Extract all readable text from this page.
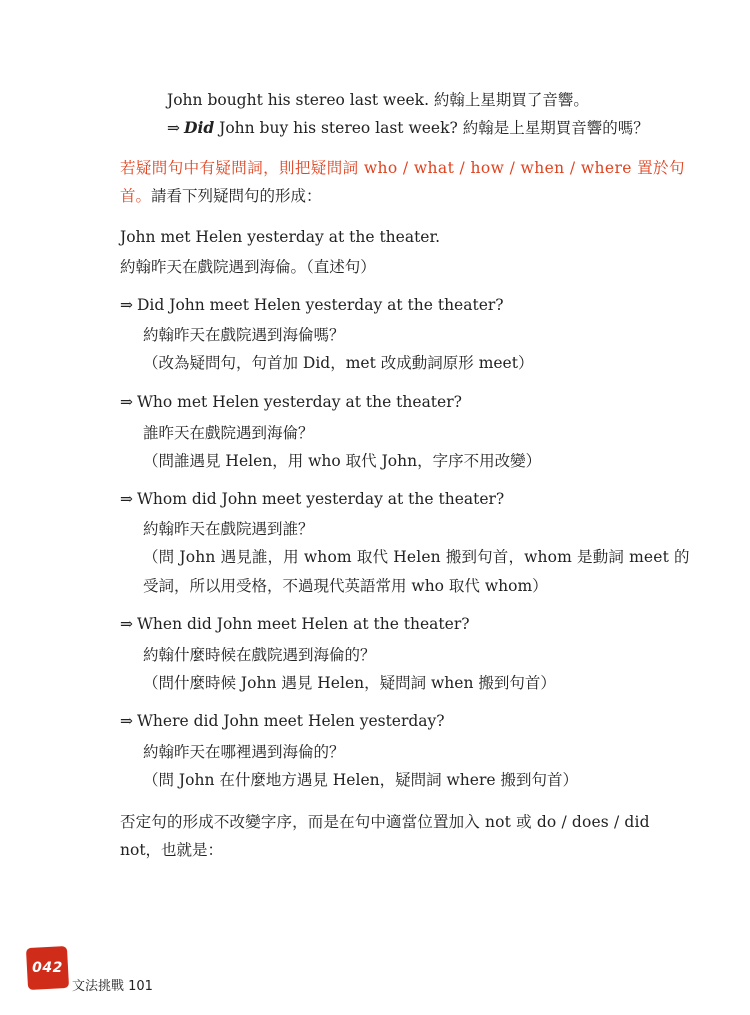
John bought his stereo last week. 約翰上星期買了音響。
⇒ Did John buy his stereo last week? 約翰是上星期買音響的嗎？
若疑問句中有疑問詞，則把疑問詞 who / what / how / when / where 置於句
首。請看下列疑問句的形成：
John met Helen yesterday at the theater.
約翰昨天在戲院遇到海倫。（直述句）
⇒ Did John meet Helen yesterday at the theater?
約翰昨天在戲院遇到海倫嗎？
（改為疑問句，句首加 Did，met 改成動詞原形 meet）
⇒ Who met Helen yesterday at the theater?
誰昨天在戲院遇到海倫？
（問誰遇見 Helen，用 who 取代 John，字序不用改變）
⇒ Whom did John meet yesterday at the theater?
約翰昨天在戲院遇到誰？
（問 John 遇見誰，用 whom 取代 Helen 搬到句首，whom 是動詞 meet 的
受詞，所以用受格，不過現代英語常用 who 取代 whom）
⇒ When did John meet Helen at the theater?
約翰什麼時候在戲院遇到海倫的？
（問什麼時候 John 遇見 Helen，疑問詞 when 搬到句首）
⇒ Where did John meet Helen yesterday?
約翰昨天在哪裡遇到海倫的？
（問 John 在什麼地方遇見 Helen，疑問詞 where 搬到句首）
否定句的形成不改變字序，而是在句中適當位置加入 not 或 do / does / did
not，也就是：
042
文法挑戰 101
